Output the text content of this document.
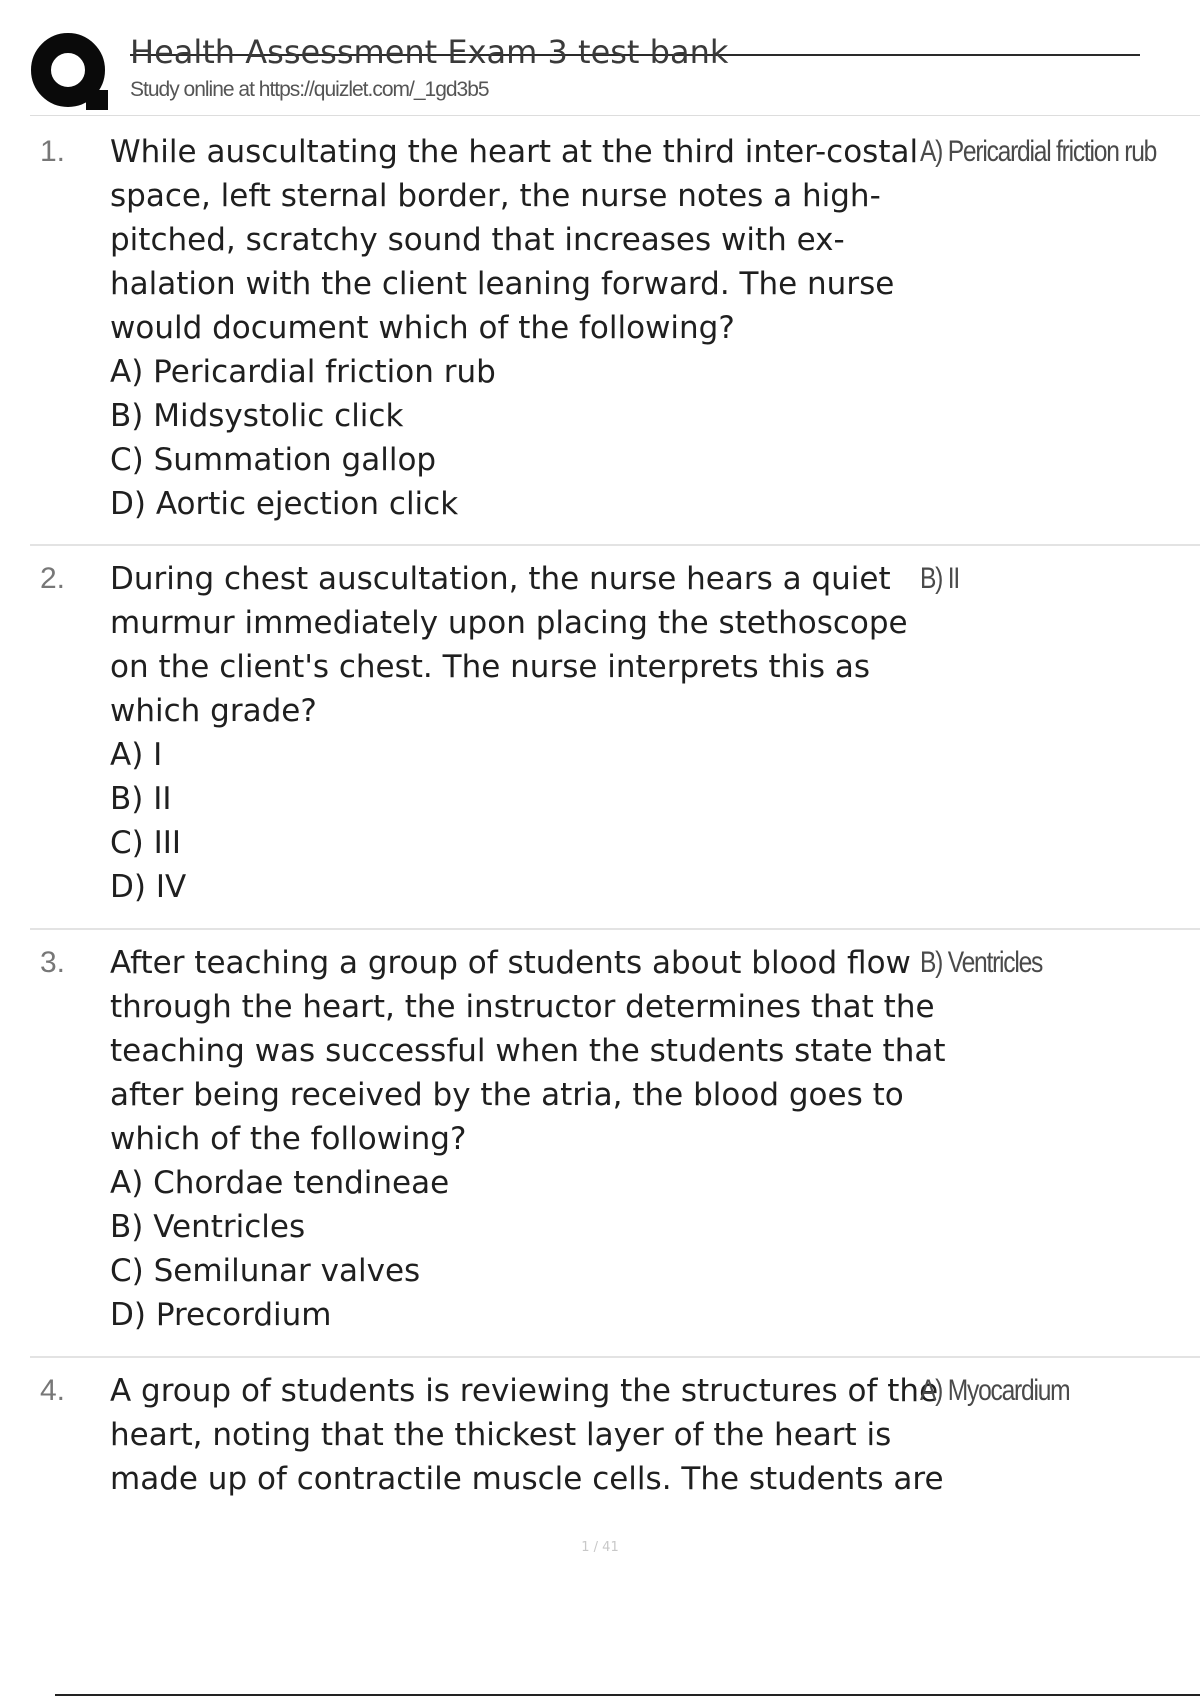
Health Assessment Exam 3 test bank
Study online at https://quizlet.com/_1gd3b5
1. While auscultating the heart at the third inter-costal space, left sternal border, the nurse notes a high-pitched, scratchy sound that increases with ex-halation with the client leaning forward. The nurse would document which of the following?

A) Pericardial friction rub
B) Midsystolic click
C) Summation gallop
D) Aortic ejection click
A) Pericardial friction rub
2. During chest auscultation, the nurse hears a quiet murmur immediately upon placing the stethoscope on the client's chest. The nurse interprets this as which grade?

A) I
B) II
C) III
D) IV
B) II
3. After teaching a group of students about blood flow through the heart, the instructor determines that the teaching was successful when the students state that after being received by the atria, the blood goes to which of the following?

A) Chordae tendineae
B) Ventricles
C) Semilunar valves
D) Precordium
B) Ventricles
4. A group of students is reviewing the structures of the heart, noting that the thickest layer of the heart is made up of contractile muscle cells. The students are

A) Myocardium
1 / 41
